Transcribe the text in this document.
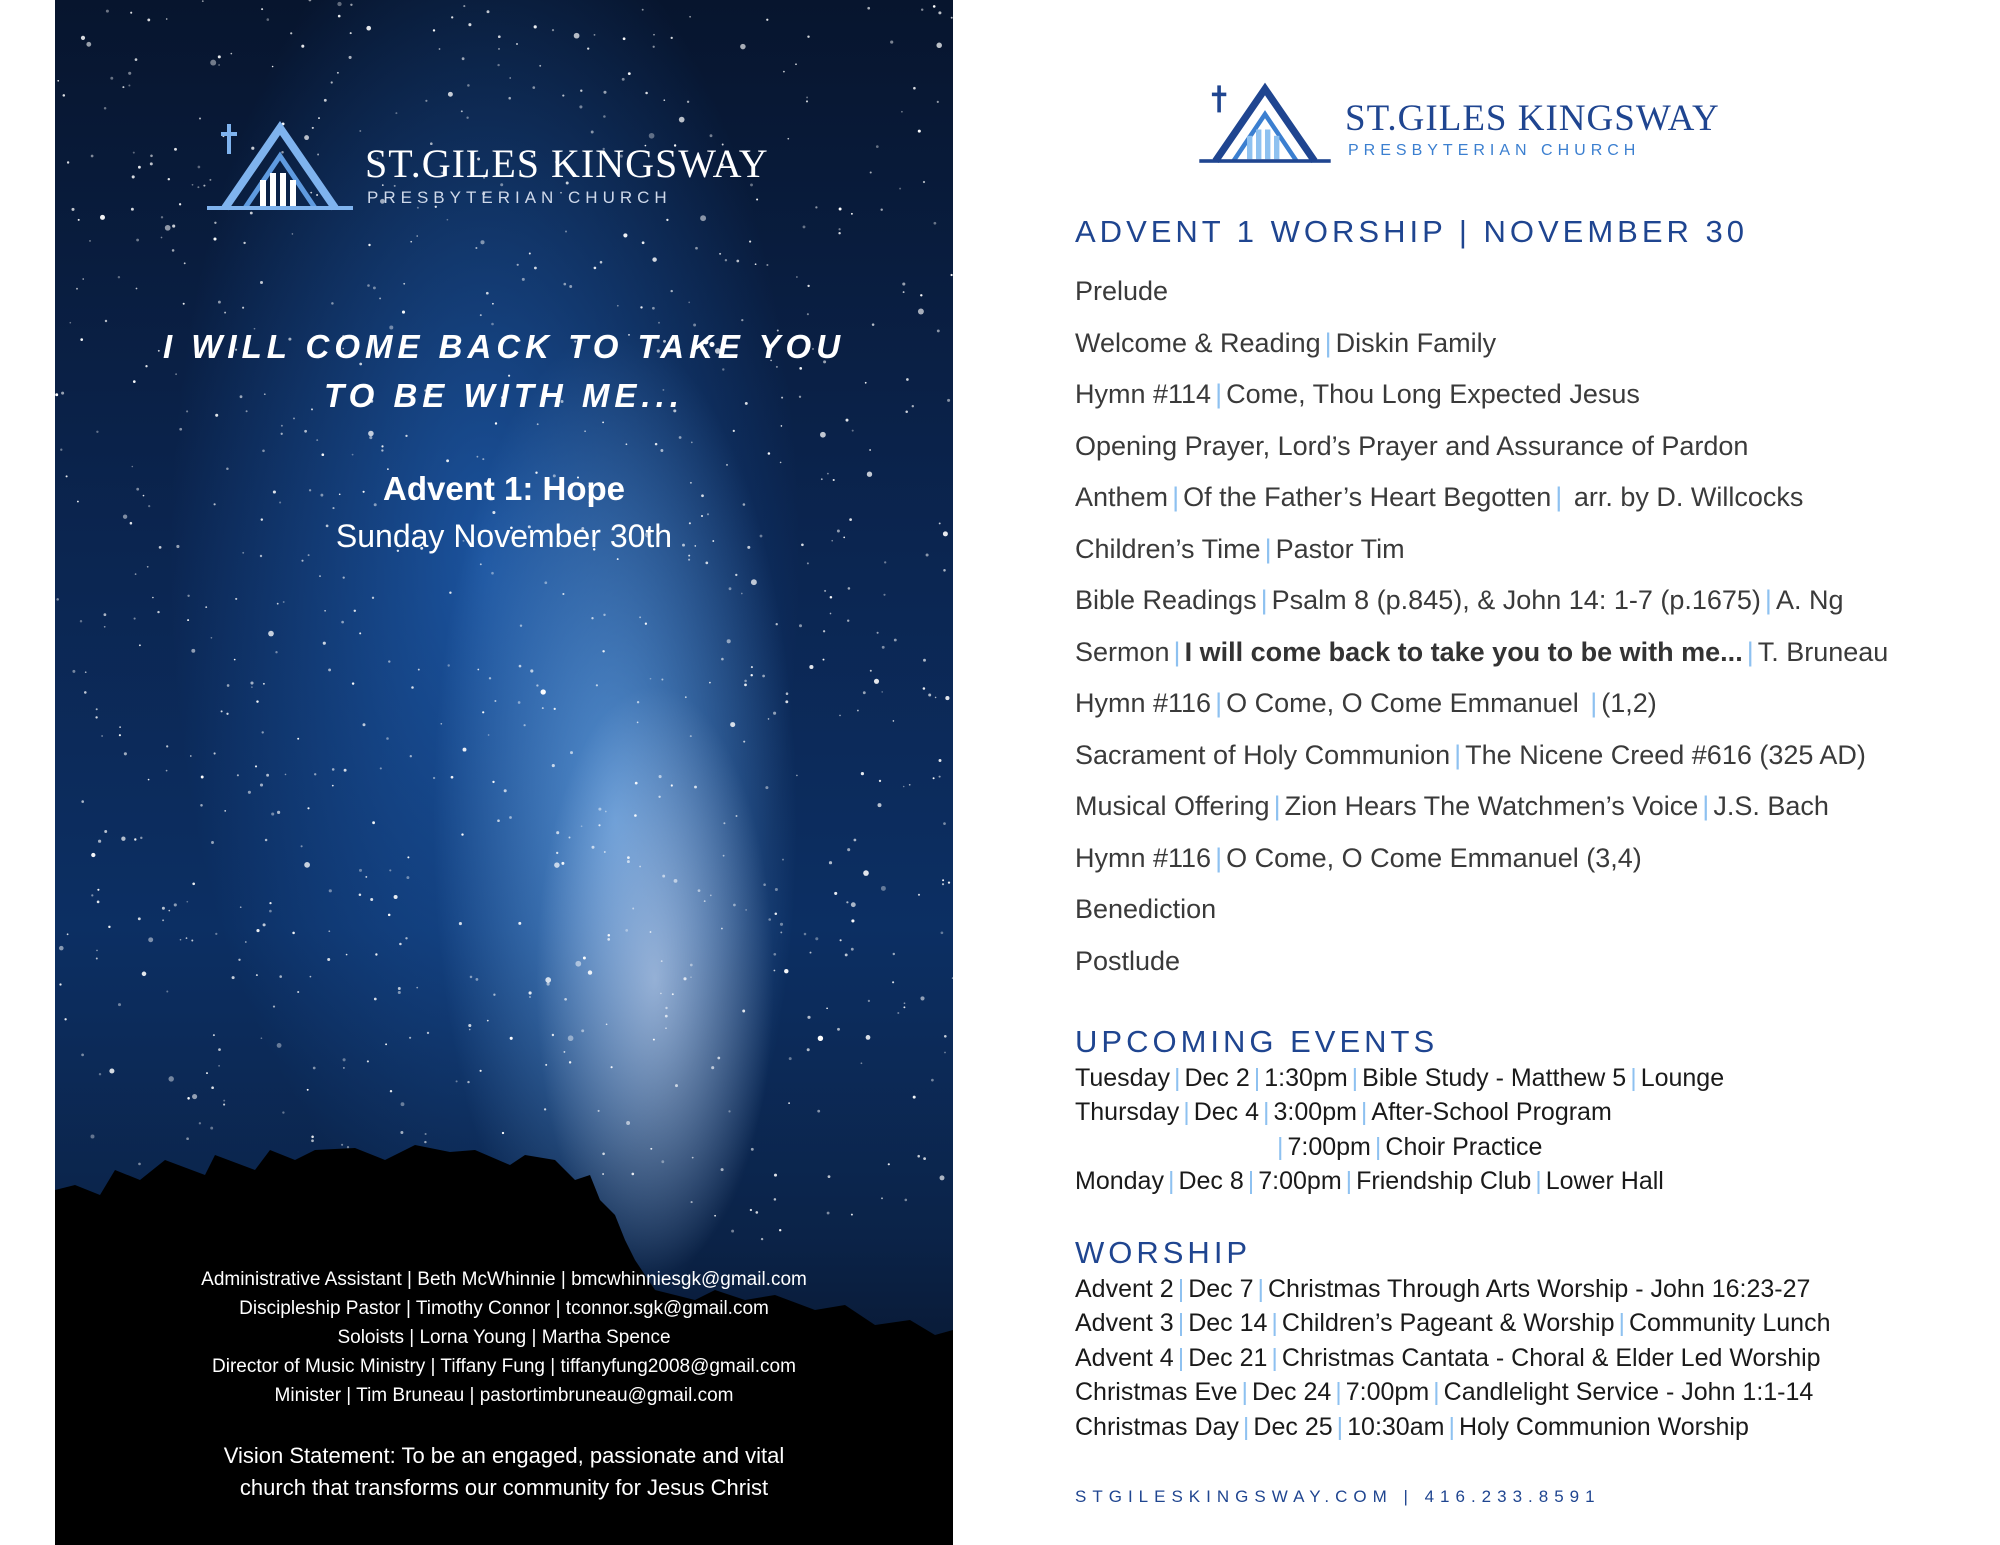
ST.GILES KINGSWAY
PRESBYTERIAN CHURCH
I WILL COME BACK TO TAKE YOU
TO BE WITH ME...
Advent 1: Hope
Sunday November 30th
Administrative Assistant | Beth McWhinnie | bmcwhinniesgk@gmail.com
Discipleship Pastor | Timothy Connor | tconnor.sgk@gmail.com
Soloists | Lorna Young | Martha Spence
Director of Music Ministry | Tiffany Fung | tiffanyfung2008@gmail.com
Minister | Tim Bruneau | pastortimbruneau@gmail.com
Vision Statement: To be an engaged, passionate and vital
church that transforms our community for Jesus Christ
ST.GILES KINGSWAY
PRESBYTERIAN CHURCH
ADVENT 1 WORSHIP | NOVEMBER 30
Prelude
Welcome & Reading | Diskin Family
Hymn #114 | Come, Thou Long Expected Jesus
Opening Prayer, Lord’s Prayer and Assurance of Pardon
Anthem | Of the Father’s Heart Begotten | arr. by D. Willcocks
Children’s Time | Pastor Tim
Bible Readings | Psalm 8 (p.845), & John 14: 1-7 (p.1675) | A. Ng
Sermon | I will come back to take you to be with me... | T. Bruneau
Hymn #116 | O Come, O Come Emmanuel | (1,2)
Sacrament of Holy Communion | The Nicene Creed #616 (325 AD)
Musical Offering | Zion Hears The Watchmen’s Voice | J.S. Bach
Hymn #116 | O Come, O Come Emmanuel (3,4)
Benediction
Postlude
UPCOMING EVENTS
Tuesday | Dec 2 | 1:30pm | Bible Study - Matthew 5 | Lounge
Thursday | Dec 4 | 3:00pm | After-School Program
| 7:00pm | Choir Practice
Monday | Dec 8 | 7:00pm | Friendship Club | Lower Hall
WORSHIP
Advent 2 | Dec 7 | Christmas Through Arts Worship - John 16:23-27
Advent 3 | Dec 14 | Children’s Pageant & Worship | Community Lunch
Advent 4 | Dec 21 | Christmas Cantata - Choral & Elder Led Worship
Christmas Eve | Dec 24 | 7:00pm | Candlelight Service - John 1:1-14
Christmas Day | Dec 25 | 10:30am | Holy Communion Worship
STGILESKINGSWAY.COM | 416.233.8591
